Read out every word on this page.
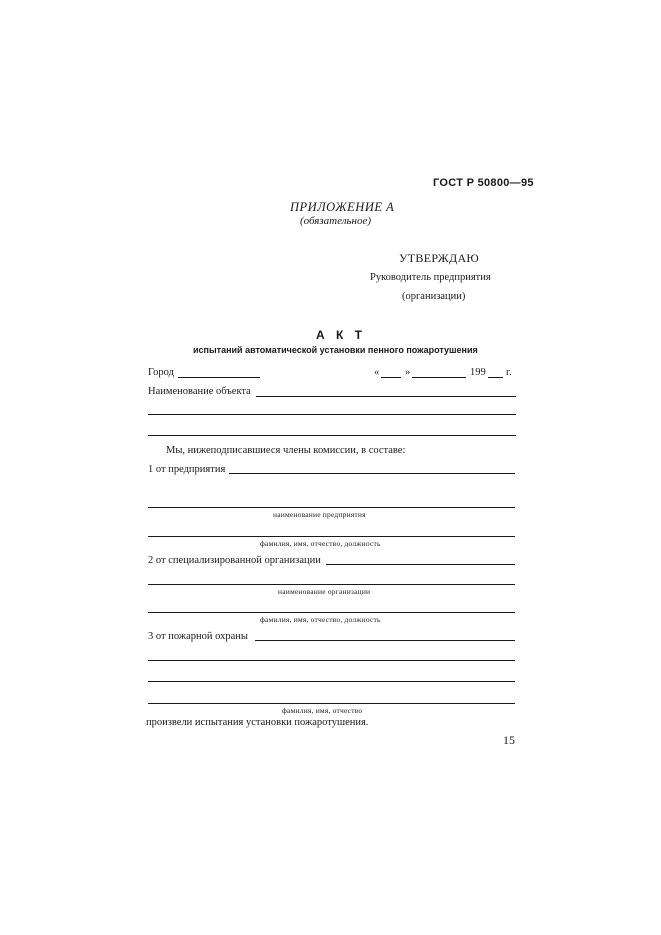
ГОСТ Р 50800—95
ПРИЛОЖЕНИЕ А
(обязательное)
УТВЕРЖДАЮ
Руководитель предприятия
(организации)
А К Т
испытаний автоматической установки пенного пожаротушения
Город	« »	199 г.
Наименование объекта
Мы, нижеподписавшиеся члены комиссии, в составе:
1 от предприятия
наименование предприятия
фамилия, имя, отчество, должность
2 от специализированной организации
наименование организации
фамилия, имя, отчество, должность
3 от пожарной охраны
фамилия, имя, отчество
произвели испытания установки пожаротушения.
15
